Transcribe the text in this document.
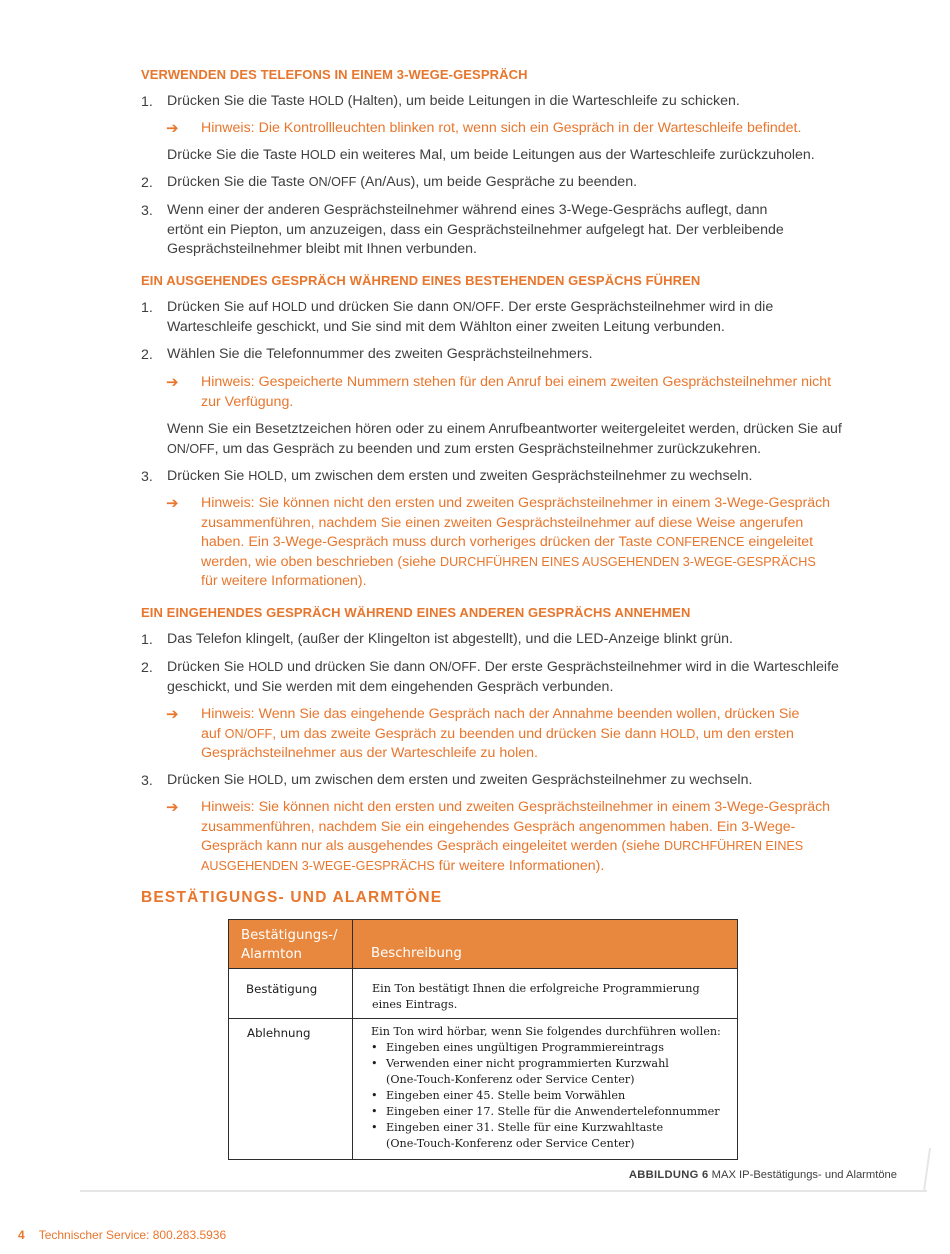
VERWENDEN DES TELEFONS IN EINEM 3-WEGE-GESPRÄCH
1. Drücken Sie die Taste HOLD (Halten), um beide Leitungen in die Warteschleife zu schicken.
➔ Hinweis: Die Kontrollleuchten blinken rot, wenn sich ein Gespräch in der Warteschleife befindet.
Drücke Sie die Taste HOLD ein weiteres Mal, um beide Leitungen aus der Warteschleife zurückzuholen.
2. Drücken Sie die Taste ON/OFF (An/Aus), um beide Gespräche zu beenden.
3. Wenn einer der anderen Gesprächsteilnehmer während eines 3-Wege-Gesprächs auflegt, dann
ertönt ein Piepton, um anzuzeigen, dass ein Gesprächsteilnehmer aufgelegt hat. Der verbleibende
Gesprächsteilnehmer bleibt mit Ihnen verbunden.
EIN AUSGEHENDES GESPRÄCH WÄHREND EINES BESTEHENDEN GESPÄCHS FÜHREN
1. Drücken Sie auf HOLD und drücken Sie dann ON/OFF. Der erste Gesprächsteilnehmer wird in die
Warteschleife geschickt, und Sie sind mit dem Wählton einer zweiten Leitung verbunden.
2. Wählen Sie die Telefonnummer des zweiten Gesprächsteilnehmers.
➔ Hinweis: Gespeicherte Nummern stehen für den Anruf bei einem zweiten Gesprächsteilnehmer nicht
zur Verfügung.
Wenn Sie ein Besetztzeichen hören oder zu einem Anrufbeantworter weitergeleitet werden, drücken Sie auf
ON/OFF, um das Gespräch zu beenden und zum ersten Gesprächsteilnehmer zurückzukehren.
3. Drücken Sie HOLD, um zwischen dem ersten und zweiten Gesprächsteilnehmer zu wechseln.
➔ Hinweis: Sie können nicht den ersten und zweiten Gesprächsteilnehmer in einem 3-Wege-Gespräch
zusammenführen, nachdem Sie einen zweiten Gesprächsteilnehmer auf diese Weise angerufen
haben. Ein 3-Wege-Gespräch muss durch vorheriges drücken der Taste CONFERENCE eingeleitet
werden, wie oben beschrieben (siehe DURCHFÜHREN EINES AUSGEHENDEN 3-WEGE-GESPRÄCHS
für weitere Informationen).
EIN EINGEHENDES GESPRÄCH WÄHREND EINES ANDEREN GESPRÄCHS ANNEHMEN
1. Das Telefon klingelt, (außer der Klingelton ist abgestellt), und die LED-Anzeige blinkt grün.
2. Drücken Sie HOLD und drücken Sie dann ON/OFF. Der erste Gesprächsteilnehmer wird in die Warteschleife
geschickt, und Sie werden mit dem eingehenden Gespräch verbunden.
➔ Hinweis: Wenn Sie das eingehende Gespräch nach der Annahme beenden wollen, drücken Sie
auf ON/OFF, um das zweite Gespräch zu beenden und drücken Sie dann HOLD, um den ersten
Gesprächsteilnehmer aus der Warteschleife zu holen.
3. Drücken Sie HOLD, um zwischen dem ersten und zweiten Gesprächsteilnehmer zu wechseln.
➔ Hinweis: Sie können nicht den ersten und zweiten Gesprächsteilnehmer in einem 3-Wege-Gespräch
zusammenführen, nachdem Sie ein eingehendes Gespräch angenommen haben. Ein 3-Wege-
Gespräch kann nur als ausgehendes Gespräch eingeleitet werden (siehe DURCHFÜHREN EINES
AUSGEHENDEN 3-WEGE-GESPRÄCHS für weitere Informationen).
BESTÄTIGUNGS- UND ALARMTÖNE
Bestätigungs-/
Alarmton	Beschreibung
Bestätigung	Ein Ton bestätigt Ihnen die erfolgreiche Programmierung
eines Eintrags.
Ablehnung	Ein Ton wird hörbar, wenn Sie folgendes durchführen wollen:
• Eingeben eines ungültigen Programmiereintrags
• Verwenden einer nicht programmierten Kurzwahl
(One-Touch-Konferenz oder Service Center)
• Eingeben einer 45. Stelle beim Vorwählen
• Eingeben einer 17. Stelle für die Anwendertelefonnummer
• Eingeben einer 31. Stelle für eine Kurzwahltaste
(One-Touch-Konferenz oder Service Center)
ABBILDUNG 6 MAX IP-Bestätigungs- und Alarmtöne
4 Technischer Service: 800.283.5936
